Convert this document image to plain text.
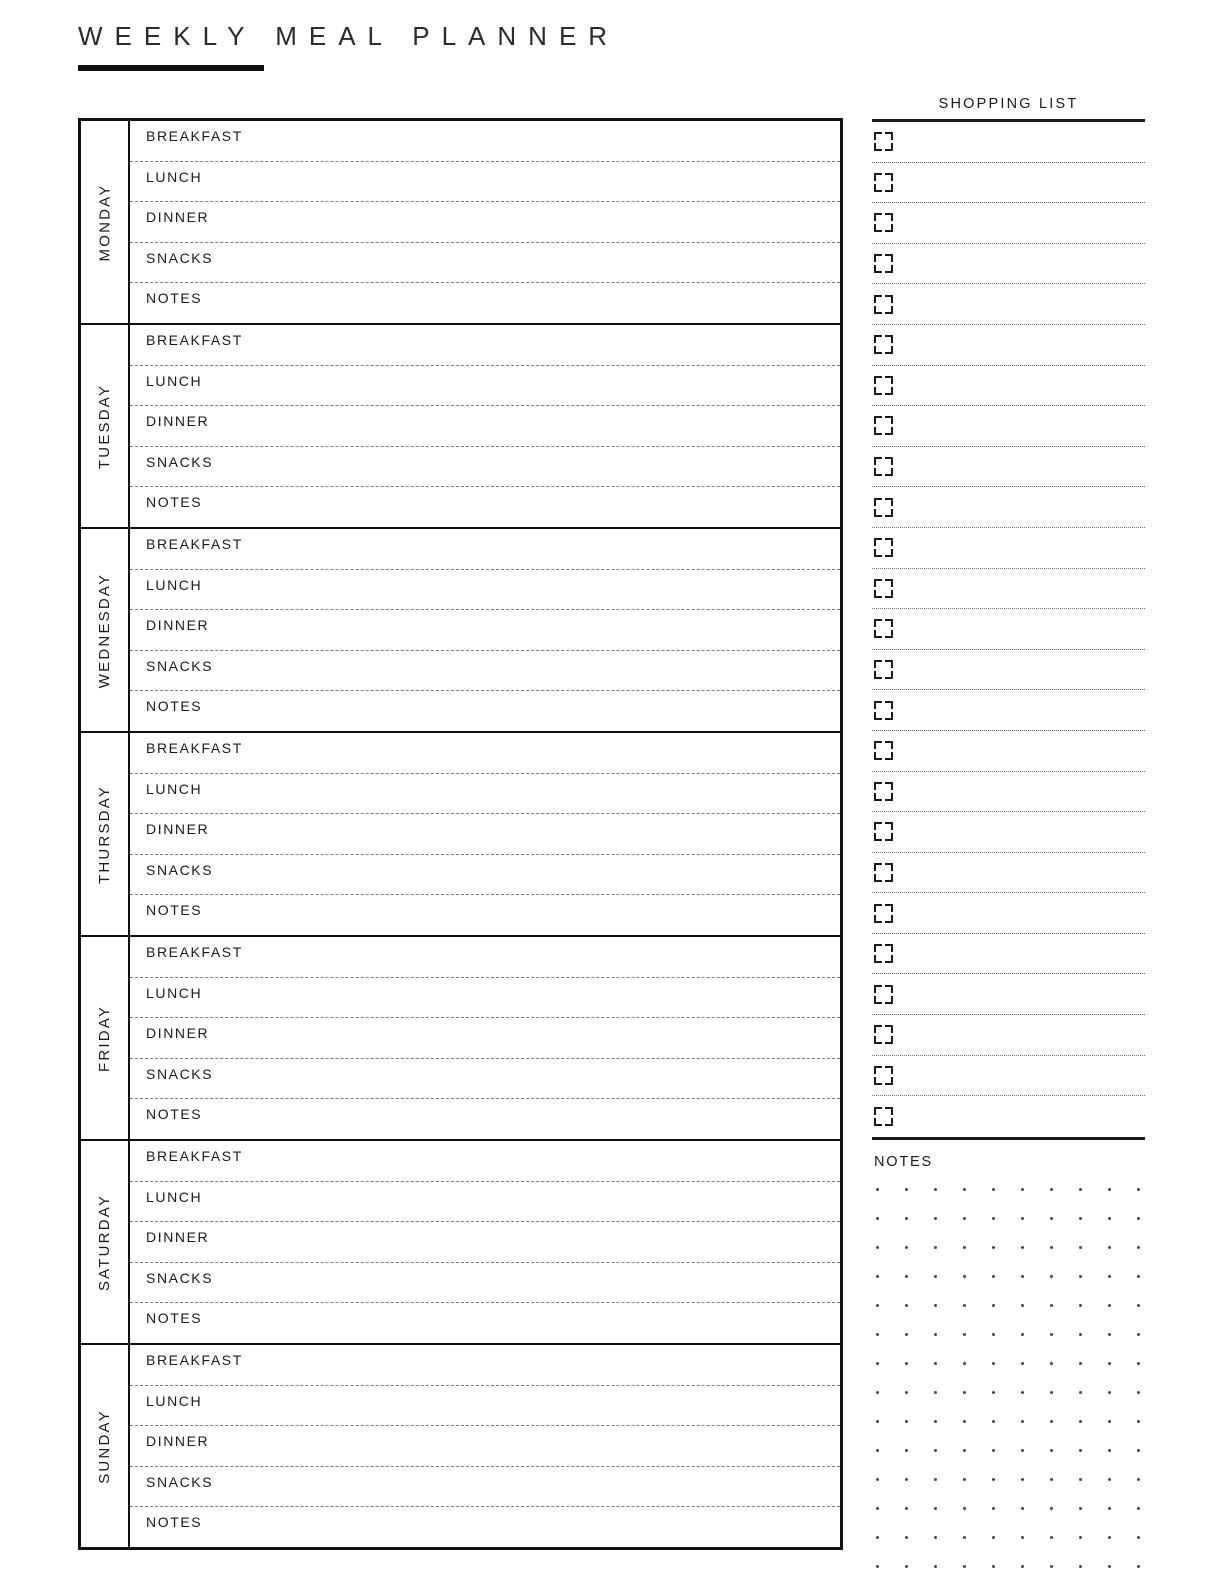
WEEKLY MEAL PLANNER
MONDAY
BREAKFAST
LUNCH
DINNER
SNACKS
NOTES
TUESDAY
BREAKFAST
LUNCH
DINNER
SNACKS
NOTES
WEDNESDAY
BREAKFAST
LUNCH
DINNER
SNACKS
NOTES
THURSDAY
BREAKFAST
LUNCH
DINNER
SNACKS
NOTES
FRIDAY
BREAKFAST
LUNCH
DINNER
SNACKS
NOTES
SATURDAY
BREAKFAST
LUNCH
DINNER
SNACKS
NOTES
SUNDAY
BREAKFAST
LUNCH
DINNER
SNACKS
NOTES
SHOPPING LIST
NOTES
